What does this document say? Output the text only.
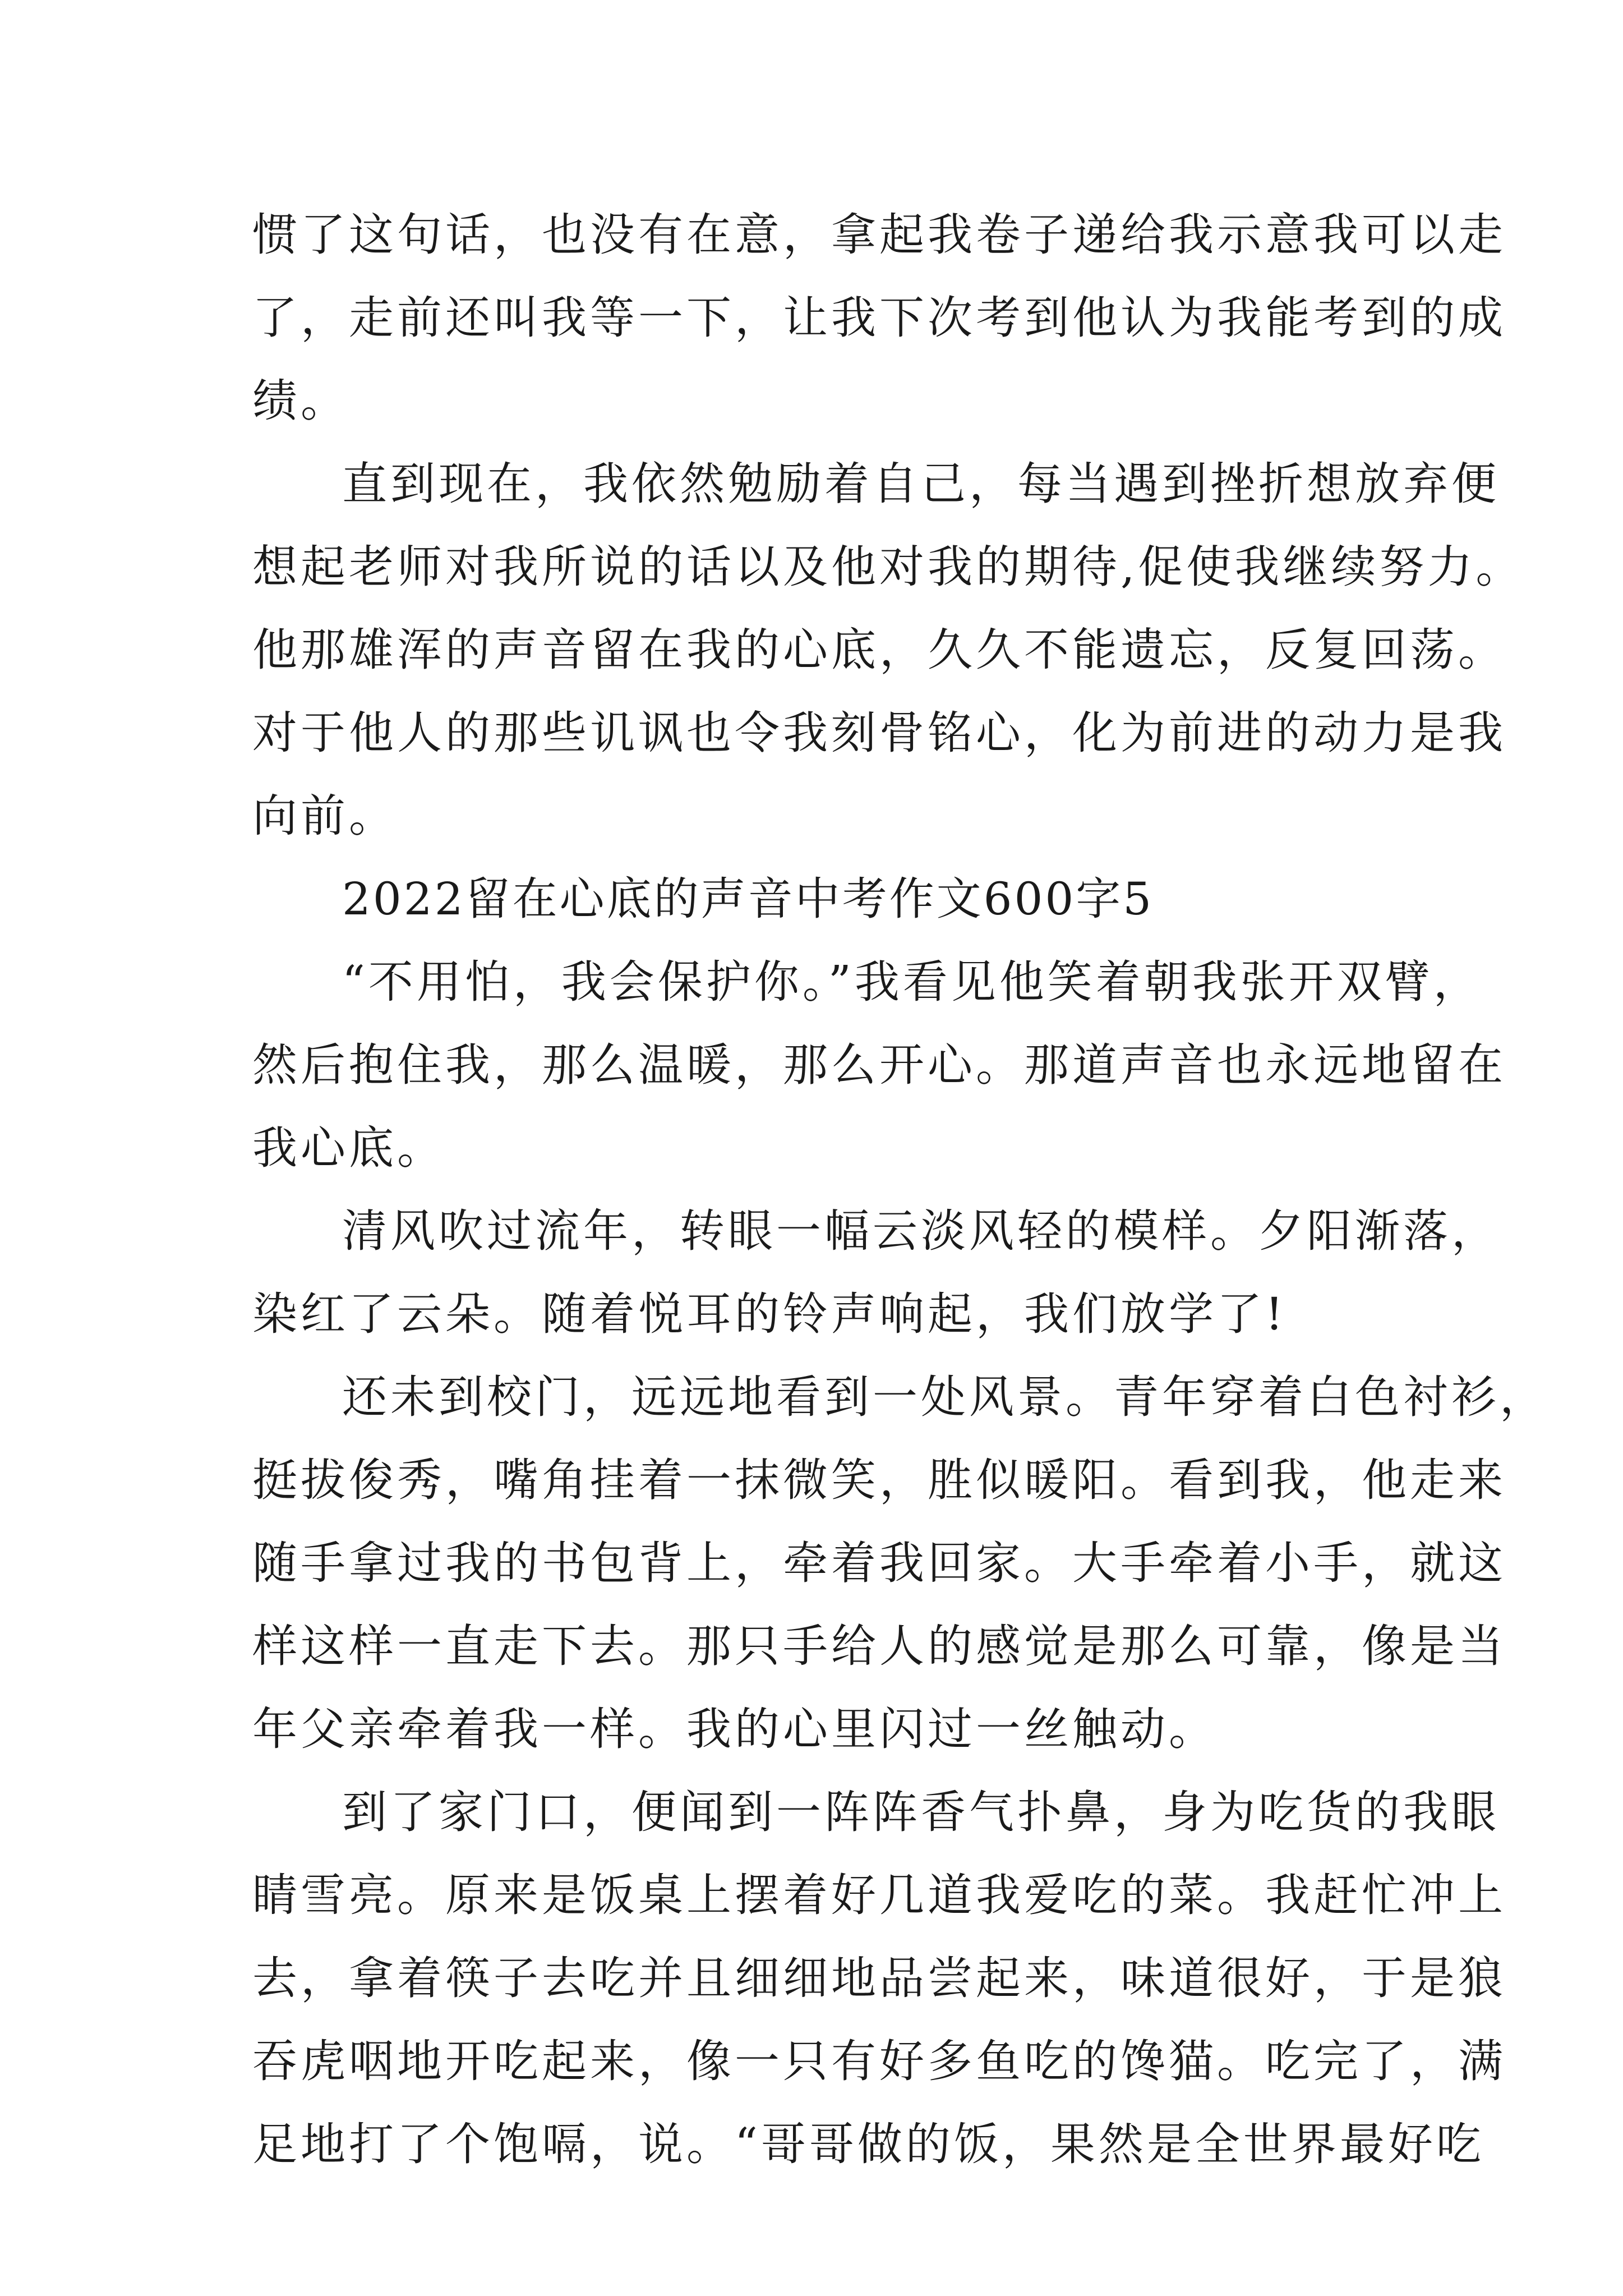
惯了这句话，也没有在意，拿起我卷子递给我示意我可以走
了，走前还叫我等一下，让我下次考到他认为我能考到的成
绩。
直到现在，我依然勉励着自己，每当遇到挫折想放弃便
想起老师对我所说的话以及他对我的期待,促使我继续努力。
他那雄浑的声音留在我的心底，久久不能遗忘，反复回荡。
对于他人的那些讥讽也令我刻骨铭心，化为前进的动力是我
向前。
2022留在心底的声音中考作文600字5
“不用怕，我会保护你。”我看见他笑着朝我张开双臂，
然后抱住我，那么温暖，那么开心。那道声音也永远地留在
我心底。
清风吹过流年，转眼一幅云淡风轻的模样。夕阳渐落，
染红了云朵。随着悦耳的铃声响起，我们放学了!
还未到校门，远远地看到一处风景。青年穿着白色衬衫，
挺拔俊秀，嘴角挂着一抹微笑，胜似暖阳。看到我，他走来
随手拿过我的书包背上，牵着我回家。大手牵着小手，就这
样这样一直走下去。那只手给人的感觉是那么可靠，像是当
年父亲牵着我一样。我的心里闪过一丝触动。
到了家门口，便闻到一阵阵香气扑鼻，身为吃货的我眼
睛雪亮。原来是饭桌上摆着好几道我爱吃的菜。我赶忙冲上
去，拿着筷子去吃并且细细地品尝起来，味道很好，于是狼
吞虎咽地开吃起来，像一只有好多鱼吃的馋猫。吃完了，满
足地打了个饱嗝，说。“哥哥做的饭，果然是全世界最好吃
